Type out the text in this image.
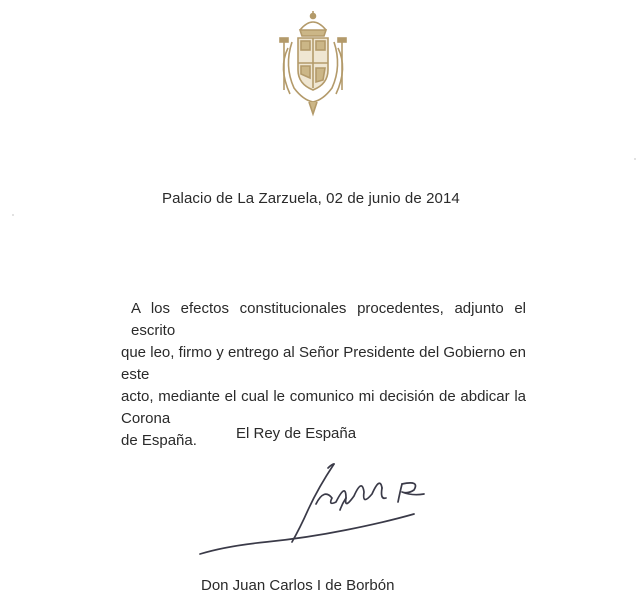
Palacio de La Zarzuela, 02 de junio de 2014
A los efectos constitucionales procedentes, adjunto el escrito
que leo, firmo y entrego al Señor Presidente del Gobierno en este
acto, mediante el cual le comunico mi decisión de abdicar la Corona
de España.	El Rey de España
Don Juan Carlos I de Borbón
